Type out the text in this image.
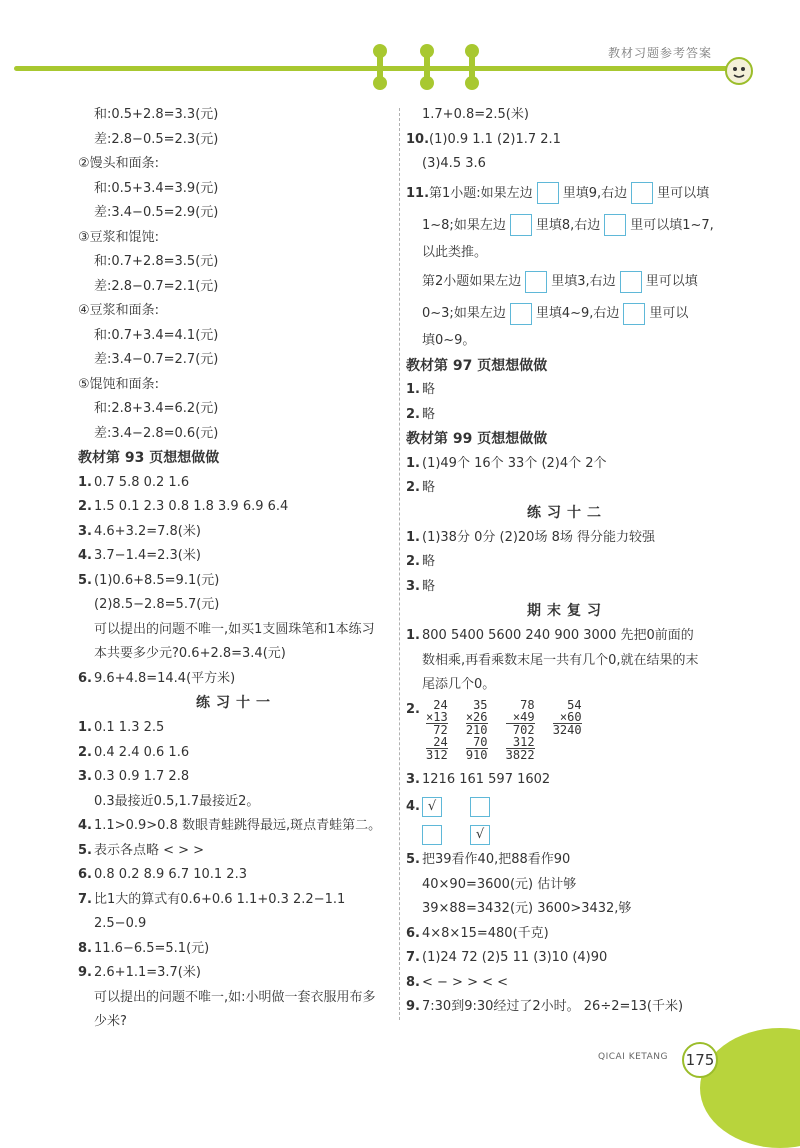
教材习题参考答案
和:0.5+2.8=3.3(元)
差:2.8−0.5=2.3(元)
②馒头和面条:
和:0.5+3.4=3.9(元)
差:3.4−0.5=2.9(元)
③豆浆和馄饨:
和:0.7+2.8=3.5(元)
差:2.8−0.7=2.1(元)
④豆浆和面条:
和:0.7+3.4=4.1(元)
差:3.4−0.7=2.7(元)
⑤馄饨和面条:
和:2.8+3.4=6.2(元)
差:3.4−2.8=0.6(元)
教材第 93 页想想做做
1. 0.7 5.8 0.2 1.6
2. 1.5 0.1 2.3 0.8 1.8 3.9 6.9 6.4
3. 4.6+3.2=7.8(米)
4. 3.7−1.4=2.3(米)
5. (1)0.6+8.5=9.1(元)
(2)8.5−2.8=5.7(元)
可以提出的问题不唯一,如买1支圆珠笔和1本练习
本共要多少元?0.6+2.8=3.4(元)
6. 9.6+4.8=14.4(平方米)
练习十一
1. 0.1 1.3 2.5
2. 0.4 2.4 0.6 1.6
3. 0.3 0.9 1.7 2.8
0.3最接近0.5,1.7最接近2。
4. 1.1>0.9>0.8 数眼青蛙跳得最远,斑点青蛙第二。
5. 表示各点略 < > >
6. 0.8 0.2 8.9 6.7 10.1 2.3
7. 比1大的算式有0.6+0.6 1.1+0.3 2.2−1.1
2.5−0.9
8. 11.6−6.5=5.1(元)
9. 2.6+1.1=3.7(米)
可以提出的问题不唯一,如:小明做一套衣服用布多
少米?
1.7+0.8=2.5(米)
10.(1)0.9 1.1 (2)1.7 2.1
(3)4.5 3.6
11.第1小题:如果左边 里填9,右边 里可以填
1~8;如果左边 里填8,右边 里可以填1~7,
以此类推。
第2小题如果左边 里填3,右边 里可以填
0~3;如果左边 里填4~9,右边 里可以
填0~9。
教材第 97 页想想做做
1. 略
2. 略
教材第 99 页想想做做
1. (1)49个 16个 33个 (2)4个 2个
2. 略
练习十二
1. (1)38分 0分 (2)20场 8场 得分能力较强
2. 略
3. 略
期末复习
1. 800 5400 5600 240 900 3000 先把0前面的
数相乘,再看乘数末尾一共有几个0,就在结果的末
尾添几个0。
2.	24
×13
72
24
312

35
×26
210
70
910

78
×49
702
312
3822

54
×60
3240
3. 1216 161 597 1602
4. √
√
5. 把39看作40,把88看作90
40×90=3600(元) 估计够
39×88=3432(元) 3600>3432,够
6. 4×8×15=480(千克)
7. (1)24 72 (2)5 11 (3)10 (4)90
8. < − > > < <
9. 7:30到9:30经过了2小时。 26÷2=13(千米)
QICAI KETANG 175
